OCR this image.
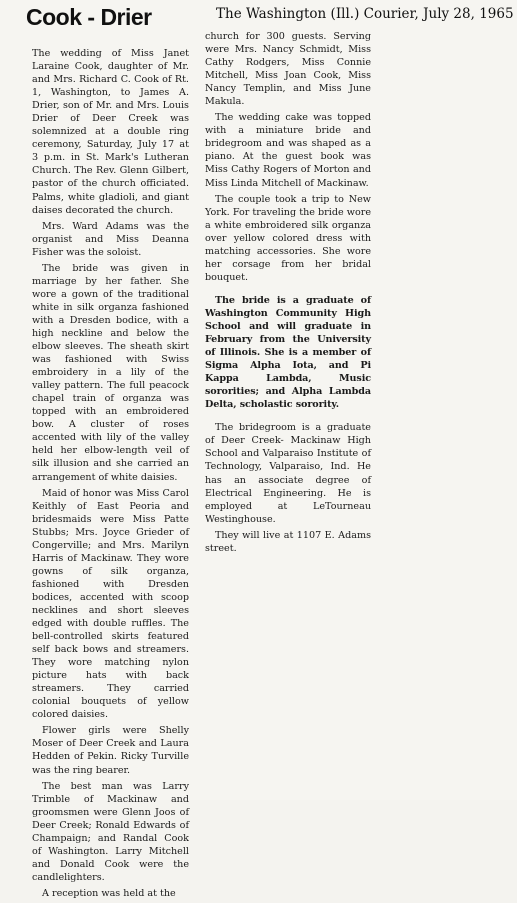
Cook - Drier	The Washington (Ill.) Courier, July 28, 1965

The wedding of Miss Janet Laraine Cook, daughter of Mr. and Mrs. Richard C. Cook of Rt. 1, Washington, to James A. Drier, son of Mr. and Mrs. Louis Drier of Deer Creek was solemnized at a double ring ceremony, Saturday, July 17 at 3 p.m. in St. Mark's Lutheran Church. The Rev. Glenn Gilbert, pastor of the church officiated. Palms, white gladioli, and giant daises decorated the church.

Mrs. Ward Adams was the organist and Miss Deanna Fisher was the soloist.

The bride was given in marriage by her father. She wore a gown of the traditional white in silk organza fashioned with a Dresden bodice, with a high neckline and below the elbow sleeves. The sheath skirt was fashioned with Swiss embroidery in a lily of the valley pattern. The full peacock chapel train of organza was topped with an embroidered bow. A cluster of roses accented with lily of the valley held her elbow-length veil of silk illusion and she carried an arrangement of white daisies.

Maid of honor was Miss Carol Keithly of East Peoria and bridesmaids were Miss Patte Stubbs; Mrs. Joyce Grieder of Congerville; and Mrs. Marilyn Harris of Mackinaw. They wore gowns of silk organza, fashioned with Dresden bodices, accented with scoop necklines and short sleeves edged with double ruffles. The bell-controlled skirts featured self back bows and streamers. They wore matching nylon picture hats with back streamers. They carried colonial bouquets of yellow colored daisies.

Flower girls were Shelly Moser of Deer Creek and Laura Hedden of Pekin. Ricky Turville was the ring bearer.

The best man was Larry Trimble of Mackinaw and groomsmen were Glenn Joos of Deer Creek; Ronald Edwards of Champaign; and Randal Cook of Washington. Larry Mitchell and Donald Cook were the candlelighters.

A reception was held at the

church for 300 guests. Serving were Mrs. Nancy Schmidt, Miss Cathy Rodgers, Miss Connie Mitchell, Miss Joan Cook, Miss Nancy Templin, and Miss June Makula.

The wedding cake was topped with a miniature bride and bridegroom and was shaped as a piano. At the guest book was Miss Cathy Rogers of Morton and Miss Linda Mitchell of Mackinaw.

The couple took a trip to New York. For traveling the bride wore a white embroidered silk organza over yellow colored dress with matching accessories. She wore her corsage from her bridal bouquet.

The bride is a graduate of Washington Community High School and will graduate in February from the University of Illinois. She is a member of Sigma Alpha Iota, and Pi Kappa Lambda, Music sororities; and Alpha Lambda Delta, scholastic sorority.

The bridegroom is a graduate of Deer Creek- Mackinaw High School and Valparaiso Institute of Technology, Valparaiso, Ind. He has an associate degree of Electrical Engineering. He is employed at LeTourneau Westinghouse.

They will live at 1107 E. Adams street.
